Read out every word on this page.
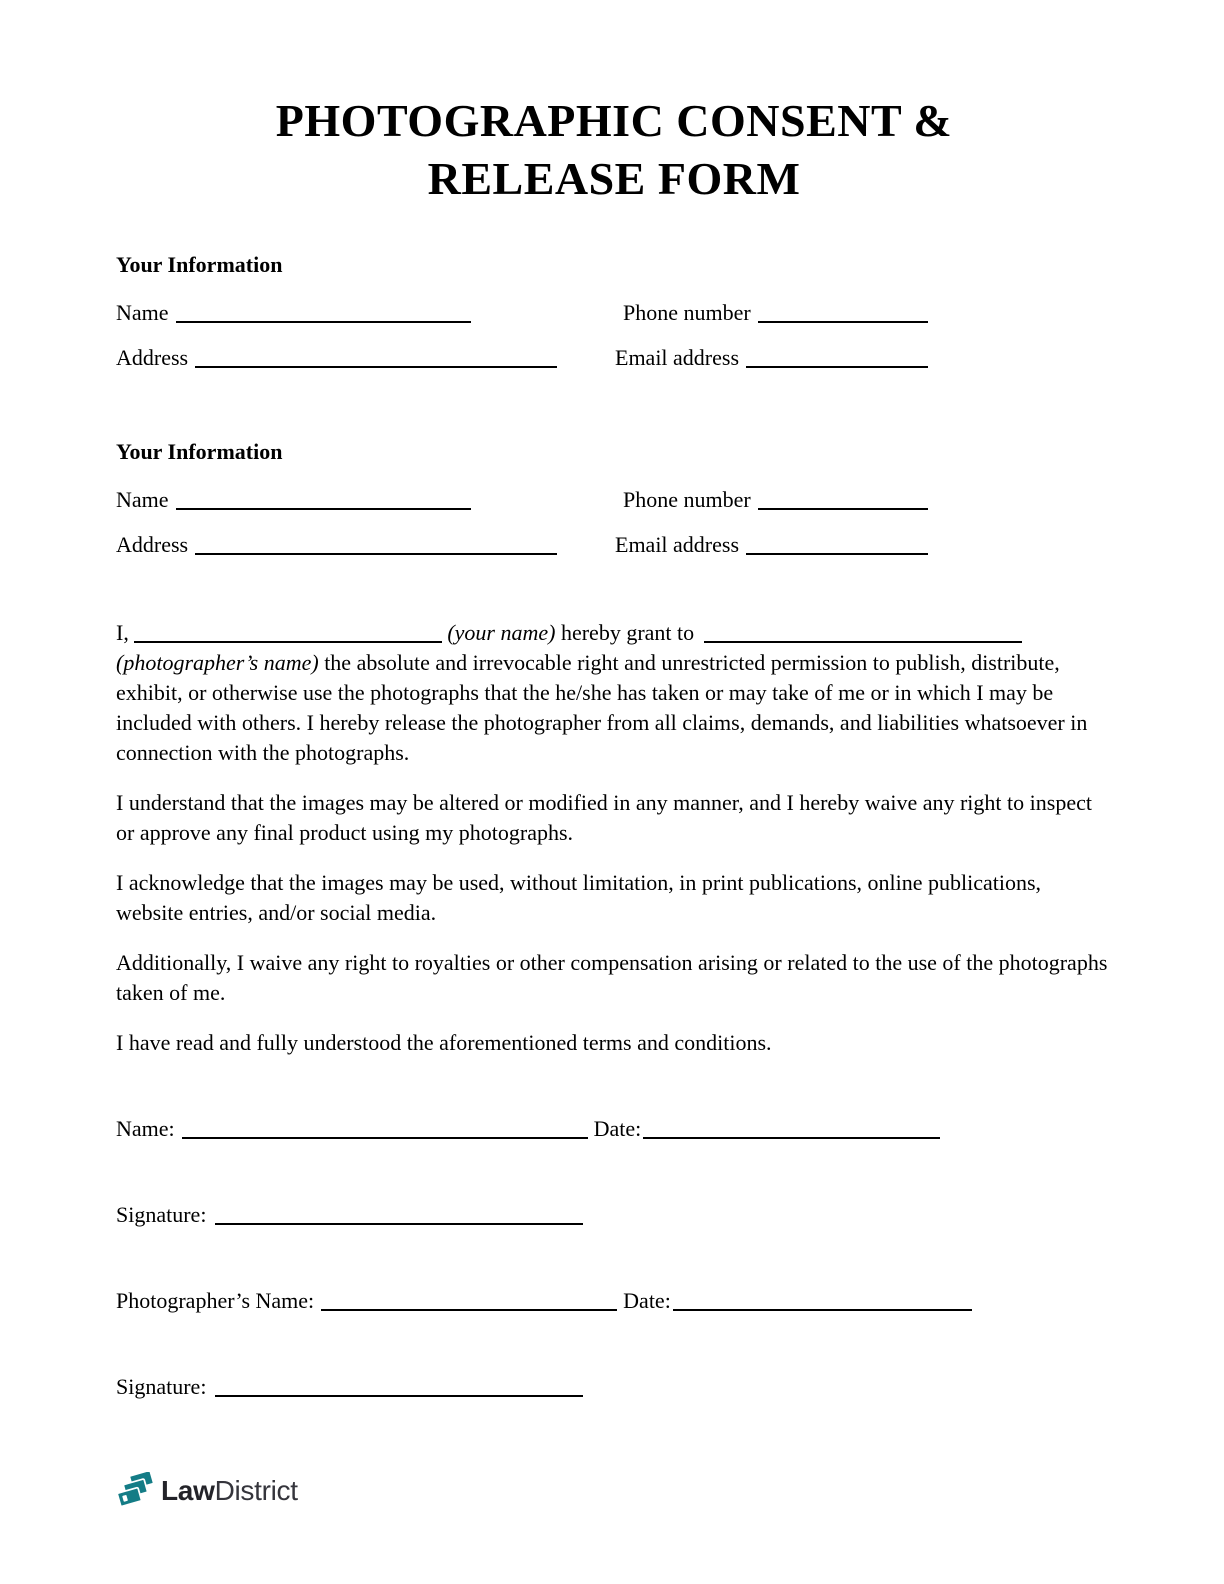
PHOTOGRAPHIC CONSENT &
RELEASE FORM

Your Information

Name	Phone number
Address	Email address

Your Information

Name	Phone number
Address	Email address

I,	(your name) hereby grant to  (photographer’s name) the absolute and irrevocable right and unrestricted permission to publish, distribute, exhibit, or otherwise use the photographs that the he/she has taken or may take of me or in which I may be included with others. I hereby release the photographer from all claims, demands, and liabilities whatsoever in connection with the photographs.

I understand that the images may be altered or modified in any manner, and I hereby waive any right to inspect or approve any final product using my photographs.

I acknowledge that the images may be used, without limitation, in print publications, online publications, website entries, and/or social media.

Additionally, I waive any right to royalties or other compensation arising or related to the use of the photographs taken of me.

I have read and fully understood the aforementioned terms and conditions.

Name:	Date:

Signature:

Photographer’s Name:	Date:

Signature:

LawDistrict
